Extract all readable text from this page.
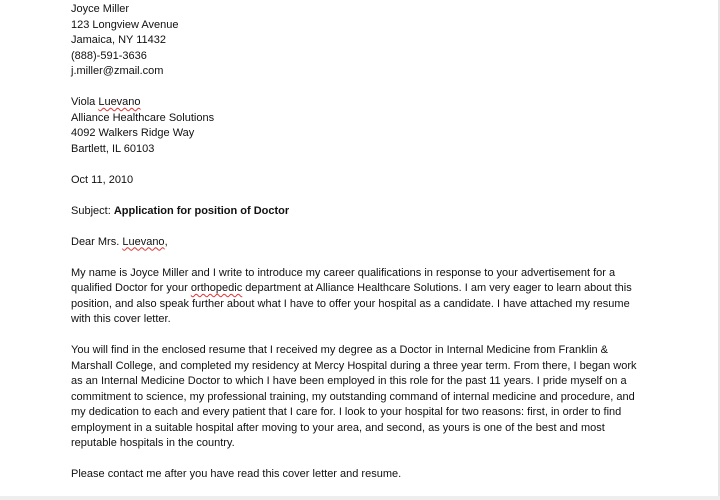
Joyce Miller
123 Longview Avenue
Jamaica, NY 11432
(888)-591-3636
j.miller@zmail.com
Viola Luevano
Alliance Healthcare Solutions
4092 Walkers Ridge Way
Bartlett, IL 60103
Oct 11, 2010
Subject: Application for position of Doctor
Dear Mrs. Luevano,

My name is Joyce Miller and I write to introduce my career qualifications in response to your advertisement for a qualified Doctor for your orthopedic department at Alliance Healthcare Solutions. I am very eager to learn about this position, and also speak further about what I have to offer your hospital as a candidate. I have attached my resume with this cover letter.

You will find in the enclosed resume that I received my degree as a Doctor in Internal Medicine from Franklin & Marshall College, and completed my residency at Mercy Hospital during a three year term. From there, I began work as an Internal Medicine Doctor to which I have been employed in this role for the past 11 years. I pride myself on a commitment to science, my professional training, my outstanding command of internal medicine and procedure, and my dedication to each and every patient that I care for. I look to your hospital for two reasons: first, in order to find employment in a suitable hospital after moving to your area, and second, as yours is one of the best and most reputable hospitals in the country.

Please contact me after you have read this cover letter and resume.
